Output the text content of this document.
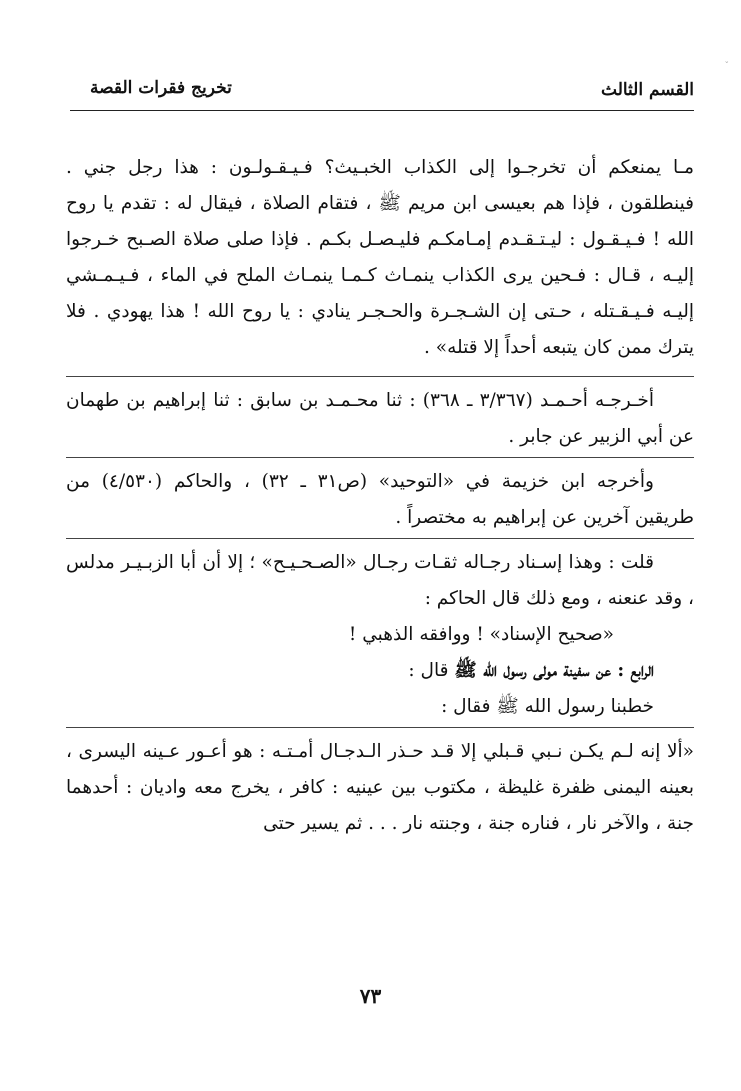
ˇ
القسم الثالث
تخريج فقرات القصة

مـا يمنعكم أن تخرجـوا إلى الكذاب الخبـيث؟ فـيـقـولـون : هذا رجل جني . فينطلقون ، فإذا هم بعيسى ابن مريم ﷺ ، فتقام الصلاة ، فيقال له : تقدم يا روح الله ! فـيـقـول : ليـتـقـدم إمـامكـم فليـصـل بكـم . فإذا صلى صلاة الصـبح خـرجوا إليـه ، قـال : فـحين يرى الكذاب ينمـاث كـمـا ينمـاث الملح في الماء ، فـيـمـشي إليـه فـيـقـتله ، حـتى إن الشـجـرة والحـجـر ينادي : يا روح الله ! هذا يهودي . فلا يترك ممن كان يتبعه أحداً إلا قتله» .

أخـرجـه أحـمـد (٣/٣٦٧ ـ ٣٦٨) : ثنا محـمـد بن سابق : ثنا إبراهيم بن طهمان عن أبي الزبير عن جابر .

وأخرجه ابن خزيمة في «التوحيد» (ص٣١ ـ ٣٢) ، والحاكم (٤/٥٣٠) من طريقين آخرين عن إبراهيم به مختصراً .

قلت : وهذا إسـناد رجـاله ثقـات رجـال «الصـحـيـح» ؛ إلا أن أبا الزبـيـر مدلس ، وقد عنعنه ، ومع ذلك قال الحاكم :

«صحيح الإسناد» ! ووافقه الذهبي !

الرابع : عن سفينة مولى رسول الله ﷺ قال :

خطبنا رسول الله ﷺ فقال :

«ألا إنه لـم يكـن نـبي قـبلي إلا قـد حـذر الـدجـال أمـتـه : هو أعـور عـينه اليسرى ، بعينه اليمنى ظفرة غليظة ، مكتوب بين عينيه : كافر ، يخرج معه واديان : أحدهما جنة ، والآخر نار ، فناره جنة ، وجنته نار . . . ثم يسير حتى

٧٣
